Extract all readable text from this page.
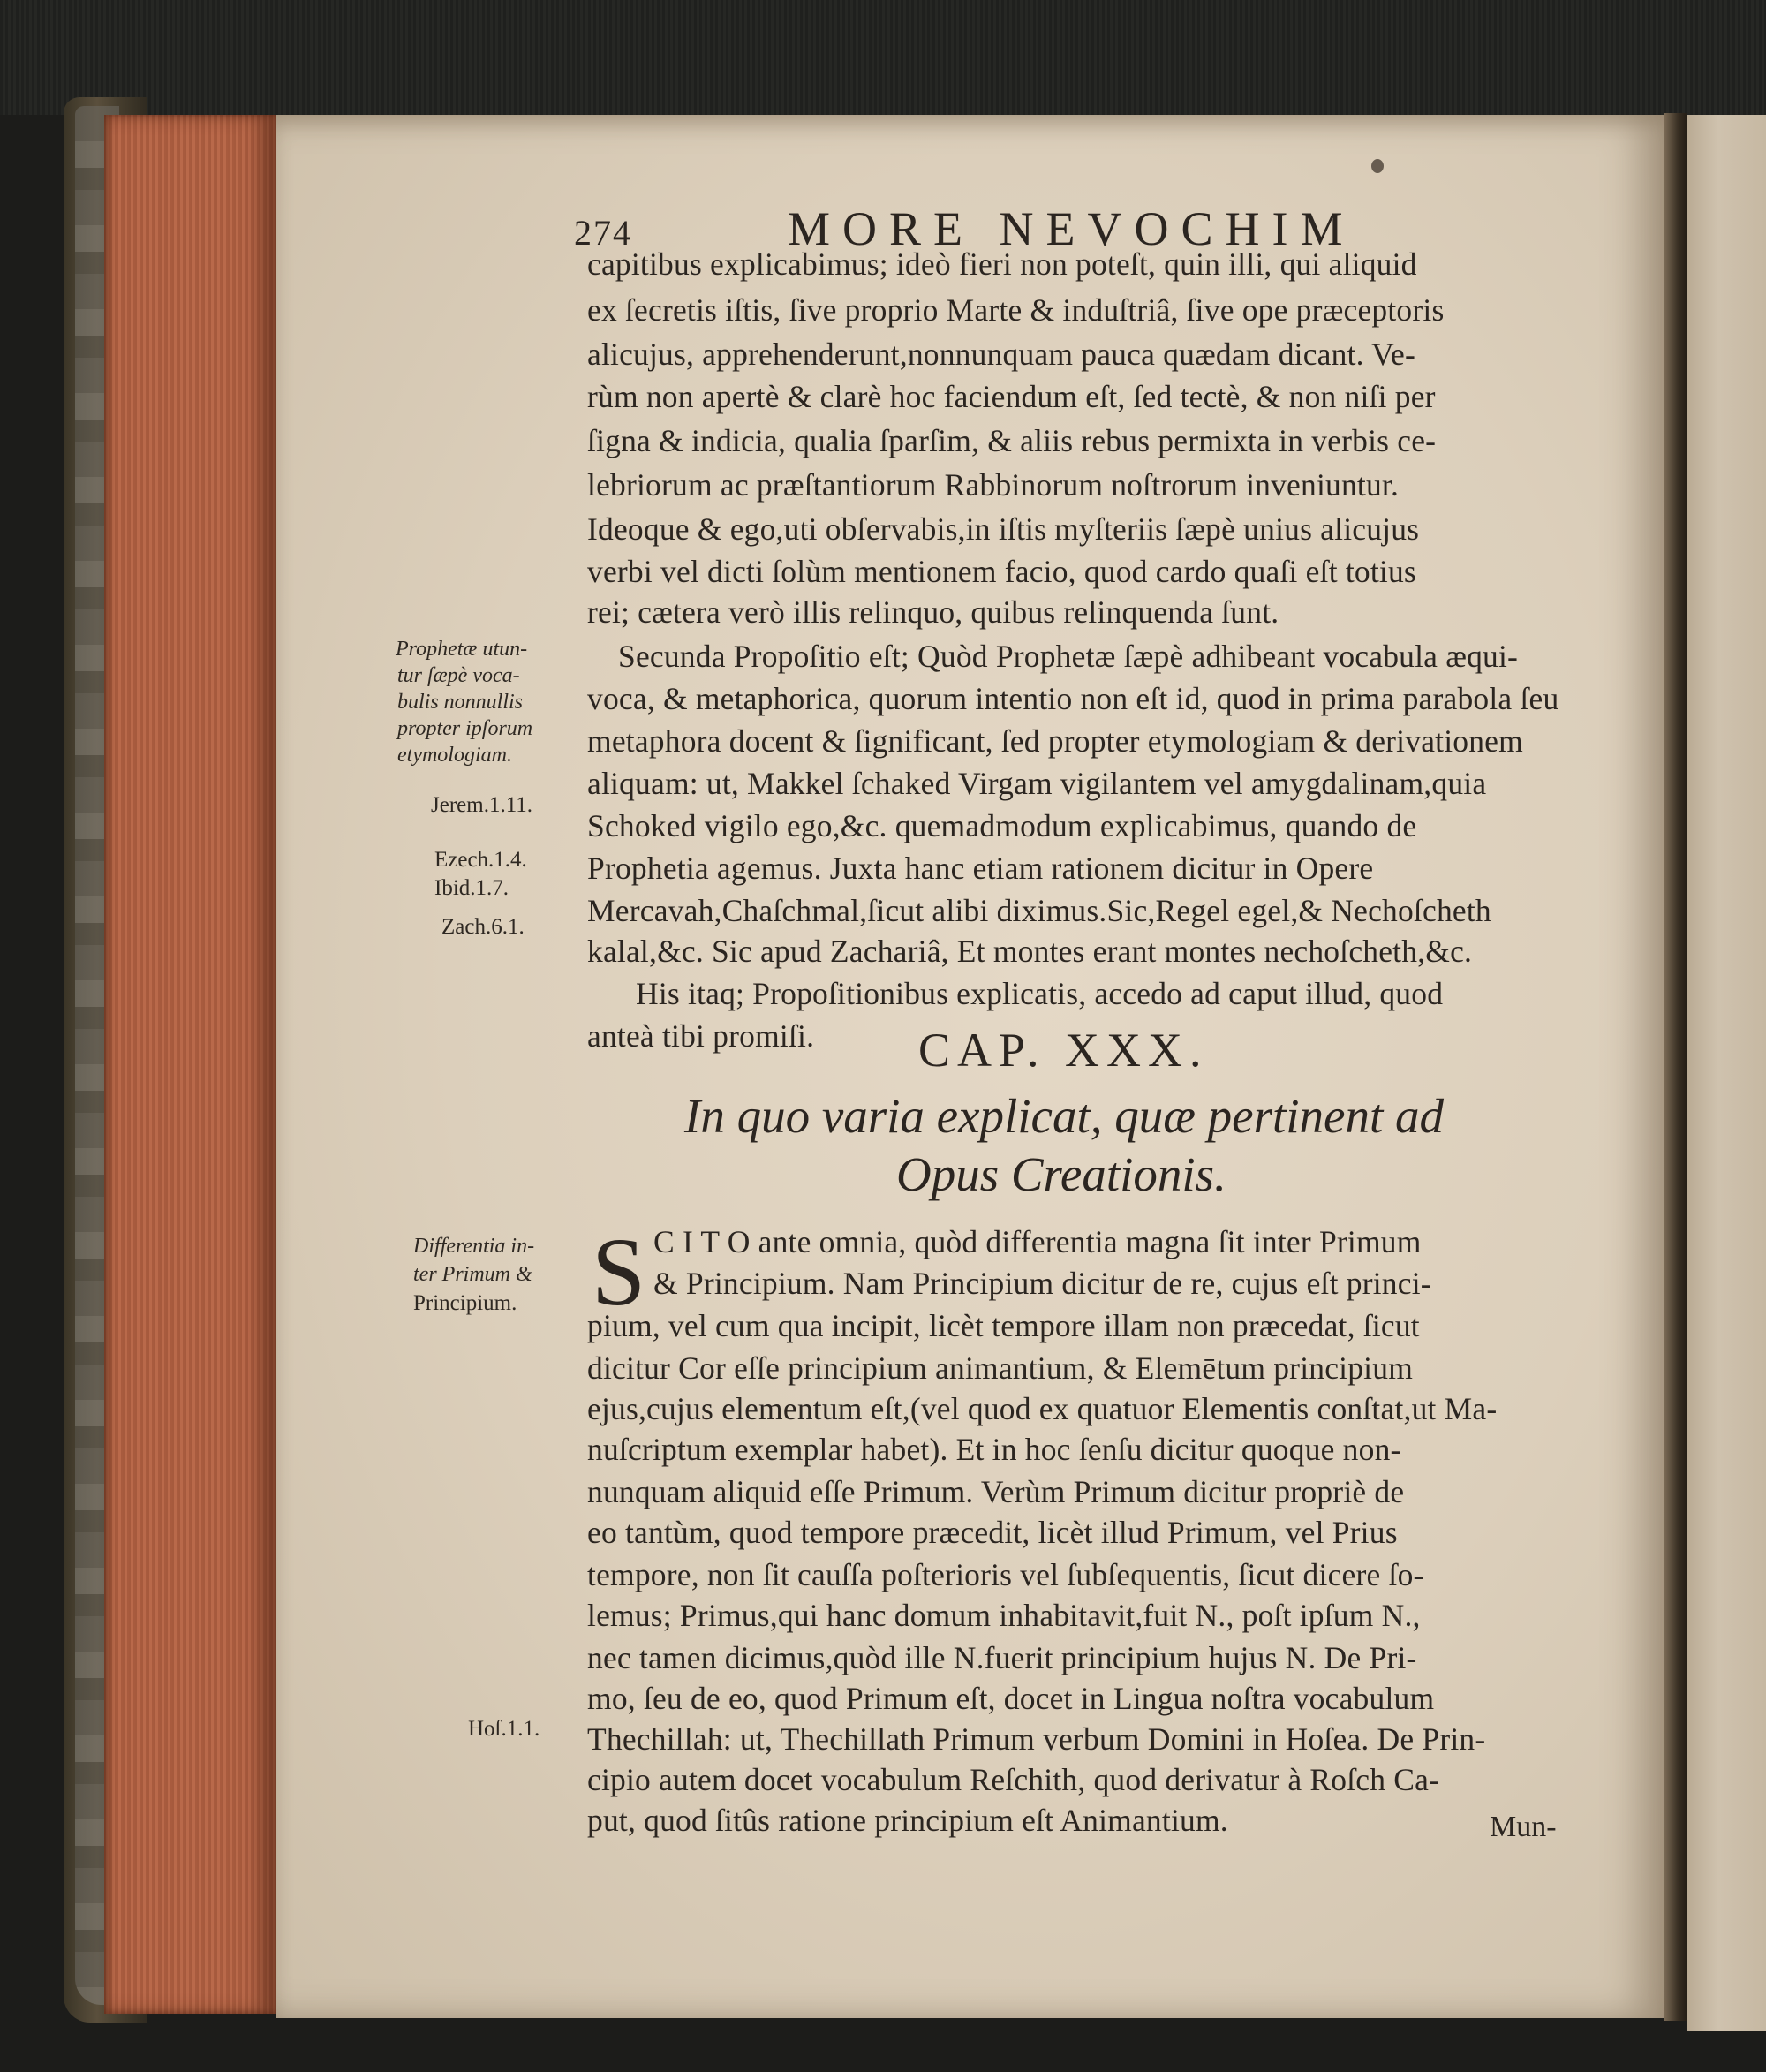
274	MORE NEVOCHIM
capitibus explicabimus; ideò fieri non poteſt, quin illi, qui aliquid
ex ſecretis iſtis, ſive proprio Marte & induſtriâ, ſive ope præceptoris
alicujus, apprehenderunt,nonnunquam pauca quædam dicant. Ve-
rùm non apertè & clarè hoc faciendum eſt, ſed tectè, & non niſi per
ſigna & indicia, qualia ſparſim, & aliis rebus permixta in verbis ce-
lebriorum ac præſtantiorum Rabbinorum noſtrorum inveniuntur.
Ideoque & ego,uti obſervabis,in iſtis myſteriis ſæpè unius alicujus
verbi vel dicti ſolùm mentionem facio, quod cardo quaſi eſt totius
rei; cætera verò illis relinquo, quibus relinquenda ſunt.
Secunda Propoſitio eſt; Quòd Prophetæ ſæpè adhibeant vocabula æqui-
voca, & metaphorica, quorum intentio non eſt id, quod in prima parabola ſeu
metaphora docent & ſignificant, ſed propter etymologiam & derivationem
aliquam: ut, Makkel ſchaked Virgam vigilantem vel amygdalinam,quia
Schoked vigilo ego,&c. quemadmodum explicabimus, quando de
Prophetia agemus. Juxta hanc etiam rationem dicitur in Opere
Mercavah,Chaſchmal,ſicut alibi diximus.Sic,Regel egel,& Nechoſcheth
kalal,&c. Sic apud Zachariâ, Et montes erant montes nechoſcheth,&c.
His itaq; Propoſitionibus explicatis, accedo ad caput illud, quod
anteà tibi promiſi.
Prophetæ utun-
tur ſæpè voca-
bulis nonnullis
propter ipſorum
etymologiam.
Jerem.1.11.
Ezech.1.4.
Ibid.1.7.
Zach.6.1.
CAP. XXX.
In quo varia explicat, quæ pertinent ad
Opus Creationis.
S C I T O ante omnia, quòd differentia magna ſit inter Primum
& Principium. Nam Principium dicitur de re, cujus eſt princi-
pium, vel cum qua incipit, licèt tempore illam non præcedat, ſicut
dicitur Cor eſſe principium animantium, & Elemētum principium
ejus,cujus elementum eſt,(vel quod ex quatuor Elementis conſtat,ut Ma-
nuſcriptum exemplar habet). Et in hoc ſenſu dicitur quoque non-
nunquam aliquid eſſe Primum. Verùm Primum dicitur propriè de
eo tantùm, quod tempore præcedit, licèt illud Primum, vel Prius
tempore, non ſit cauſſa poſterioris vel ſubſequentis, ſicut dicere ſo-
lemus; Primus,qui hanc domum inhabitavit,fuit N., poſt ipſum N.,
nec tamen dicimus,quòd ille N.fuerit principium hujus N. De Pri-
mo, ſeu de eo, quod Primum eſt, docet in Lingua noſtra vocabulum
Thechillah: ut, Thechillath Primum verbum Domini in Hoſea. De Prin-
cipio autem docet vocabulum Reſchith, quod derivatur à Roſch Ca-
put, quod ſitûs ratione principium eſt Animantium.	Mun-
Differentia in-
ter Primum &
Principium.
Hoſ.1.1.
